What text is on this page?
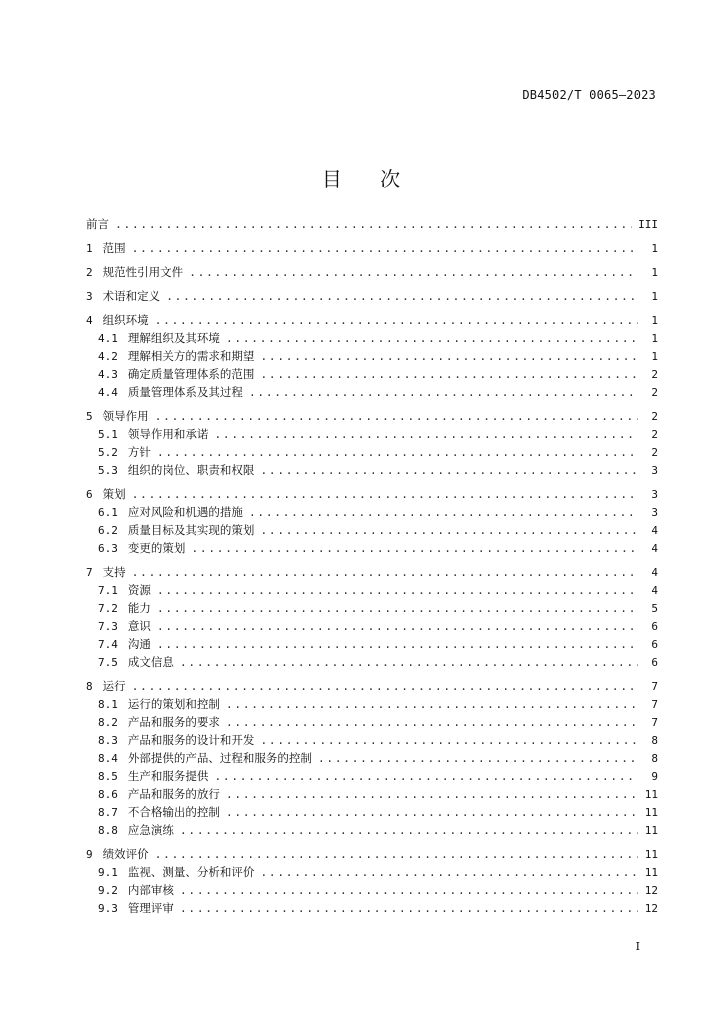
DB4502/T 0065—2023
目 次
前言 .....	III
1 范围 .....	1
2 规范性引用文件 .....	1
3 术语和定义 .....	1
4 组织环境 .....	1
4.1 理解组织及其环境 .....	1
4.2 理解相关方的需求和期望 .....	1
4.3 确定质量管理体系的范围 .....	2
4.4 质量管理体系及其过程 .....	2
5 领导作用 .....	2
5.1 领导作用和承诺 .....	2
5.2 方针 .....	2
5.3 组织的岗位、职责和权限 .....	3
6 策划 .....	3
6.1 应对风险和机遇的措施 .....	3
6.2 质量目标及其实现的策划 .....	4
6.3 变更的策划 .....	4
7 支持 .....	4
7.1 资源 .....	4
7.2 能力 .....	5
7.3 意识 .....	6
7.4 沟通 .....	6
7.5 成文信息 .....	6
8 运行 .....	7
8.1 运行的策划和控制 .....	7
8.2 产品和服务的要求 .....	7
8.3 产品和服务的设计和开发 .....	8
8.4 外部提供的产品、过程和服务的控制 .....	8
8.5 生产和服务提供 .....	9
8.6 产品和服务的放行 .....	11
8.7 不合格输出的控制 .....	11
8.8 应急演练 .....	11
9 绩效评价 .....	11
9.1 监视、测量、分析和评价 .....	11
9.2 内部审核 .....	12
9.3 管理评审 .....	12
I
